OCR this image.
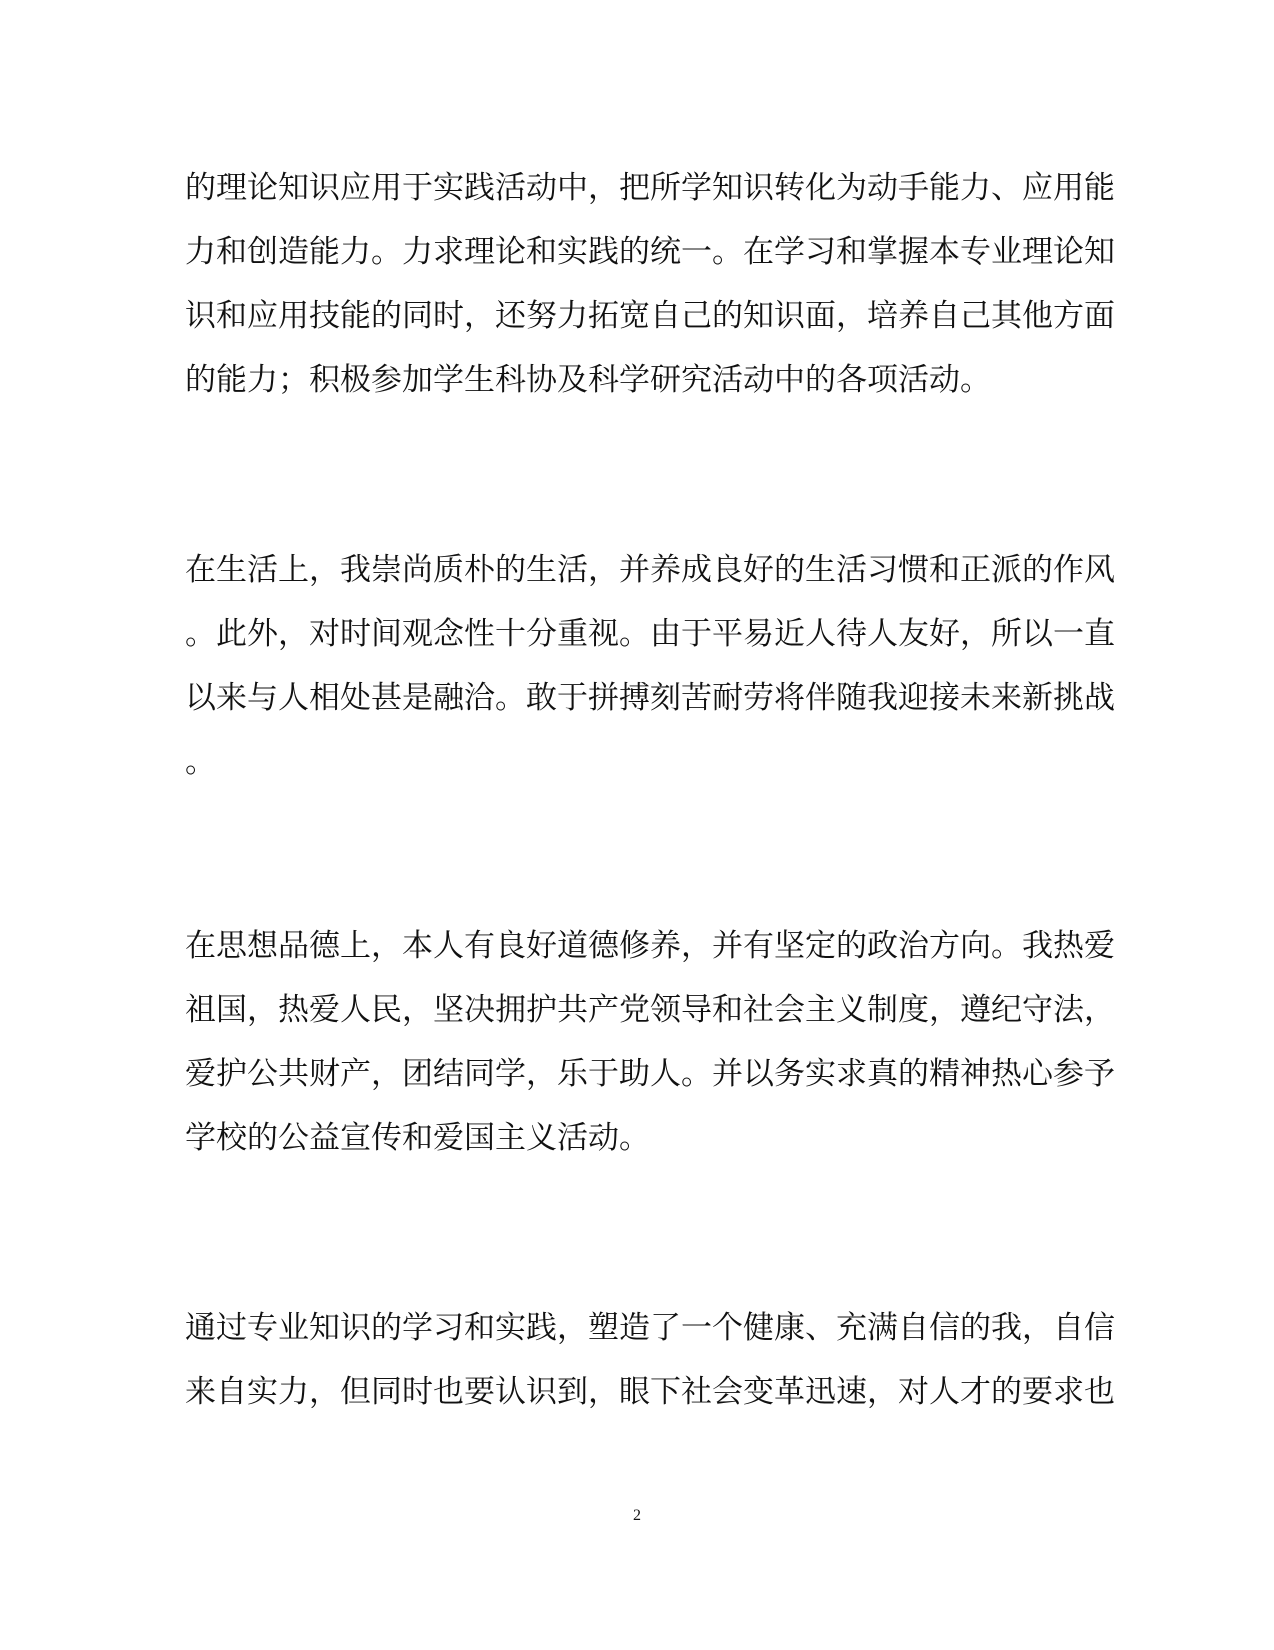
的理论知识应用于实践活动中，把所学知识转化为动手能力、应用能
力和创造能力。力求理论和实践的统一。在学习和掌握本专业理论知
识和应用技能的同时，还努力拓宽自己的知识面，培养自己其他方面
的能力；积极参加学生科协及科学研究活动中的各项活动。
在生活上，我崇尚质朴的生活，并养成良好的生活习惯和正派的作风
。此外，对时间观念性十分重视。由于平易近人待人友好，所以一直
以来与人相处甚是融洽。敢于拼搏刻苦耐劳将伴随我迎接未来新挑战
。
在思想品德上，本人有良好道德修养，并有坚定的政治方向。我热爱
祖国，热爱人民，坚决拥护共产党领导和社会主义制度，遵纪守法，
爱护公共财产，团结同学，乐于助人。并以务实求真的精神热心参予
学校的公益宣传和爱国主义活动。
通过专业知识的学习和实践，塑造了一个健康、充满自信的我，自信
来自实力，但同时也要认识到，眼下社会变革迅速，对人才的要求也
2
